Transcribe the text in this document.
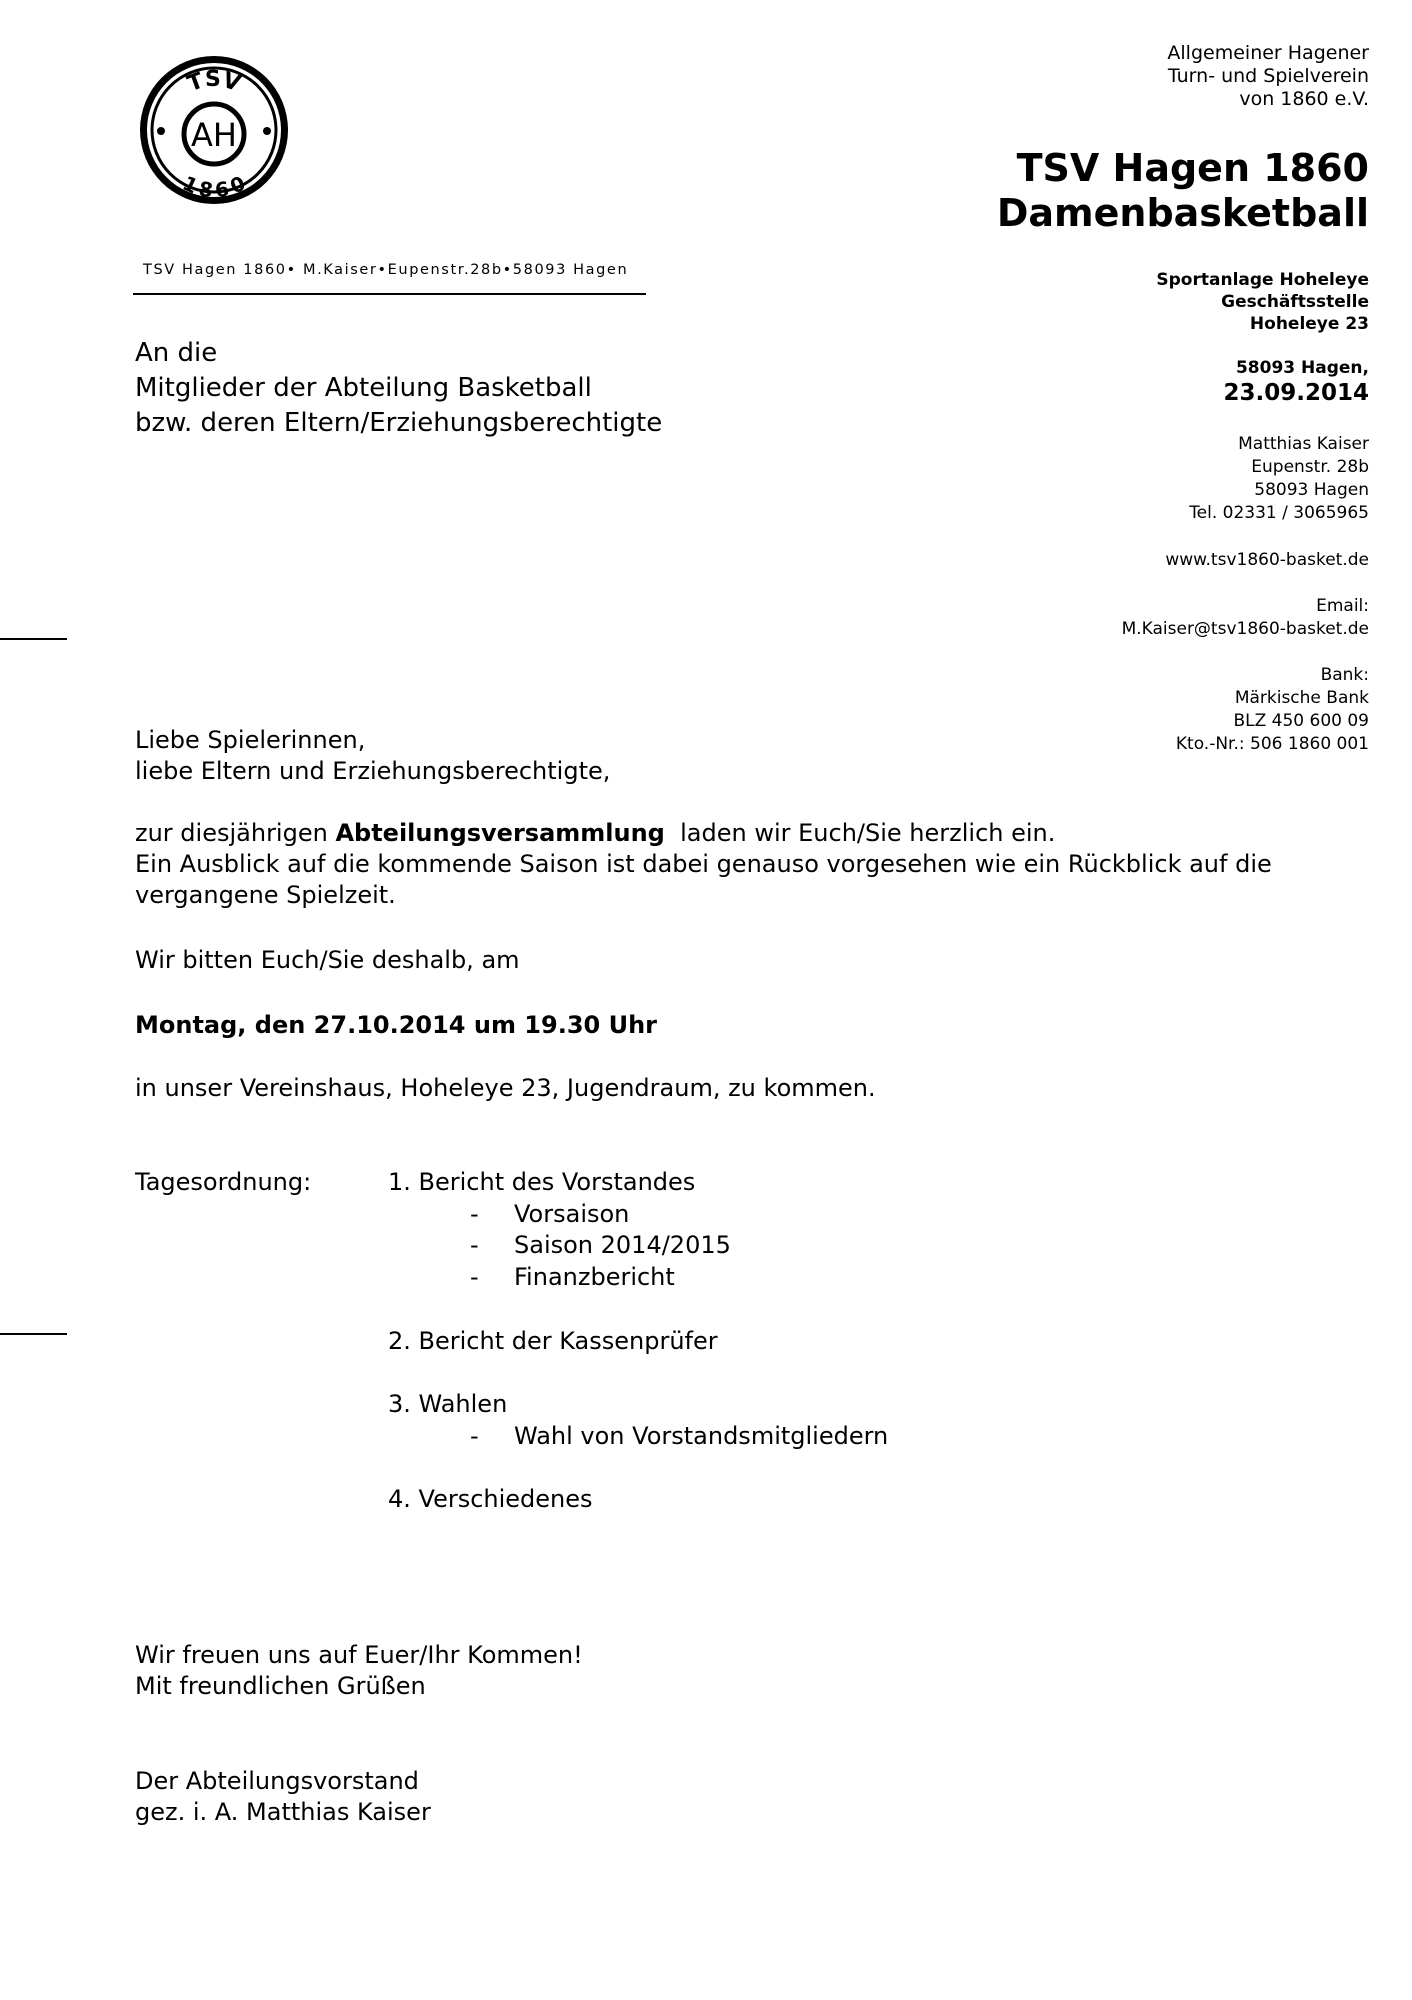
TSV
1860
AH
Allgemeiner Hagener
Turn- und Spielverein
von 1860 e.V.
TSV Hagen 1860
Damenbasketball
TSV Hagen 1860• M.Kaiser•Eupenstr.28b•58093 Hagen	Sportanlage Hoheleye
Geschäftsstelle
Hoheleye 23
58093 Hagen,
23.09.2014
An die
Mitglieder der Abteilung Basketball
bzw. deren Eltern/Erziehungsberechtigte
Matthias Kaiser
Eupenstr. 28b
58093 Hagen
Tel. 02331 / 3065965
www.tsv1860-basket.de
Email:
M.Kaiser@tsv1860-basket.de
Bank:
Märkische Bank
BLZ 450 600 09
Kto.-Nr.: 506 1860 001
Liebe Spielerinnen,
liebe Eltern und Erziehungsberechtigte,
zur diesjährigen Abteilungsversammlung  laden wir Euch/Sie herzlich ein.
Ein Ausblick auf die kommende Saison ist dabei genauso vorgesehen wie ein Rückblick auf die
vergangene Spielzeit.
Wir bitten Euch/Sie deshalb, am
Montag, den 27.10.2014 um 19.30 Uhr
in unser Vereinshaus, Hoheleye 23, Jugendraum, zu kommen.
Tagesordnung:	1. Bericht des Vorstandes
- Vorsaison
- Saison 2014/2015
- Finanzbericht
2. Bericht der Kassenprüfer
3. Wahlen
- Wahl von Vorstandsmitgliedern
4. Verschiedenes
Wir freuen uns auf Euer/Ihr Kommen!
Mit freundlichen Grüßen
Der Abteilungsvorstand
gez. i. A. Matthias Kaiser
